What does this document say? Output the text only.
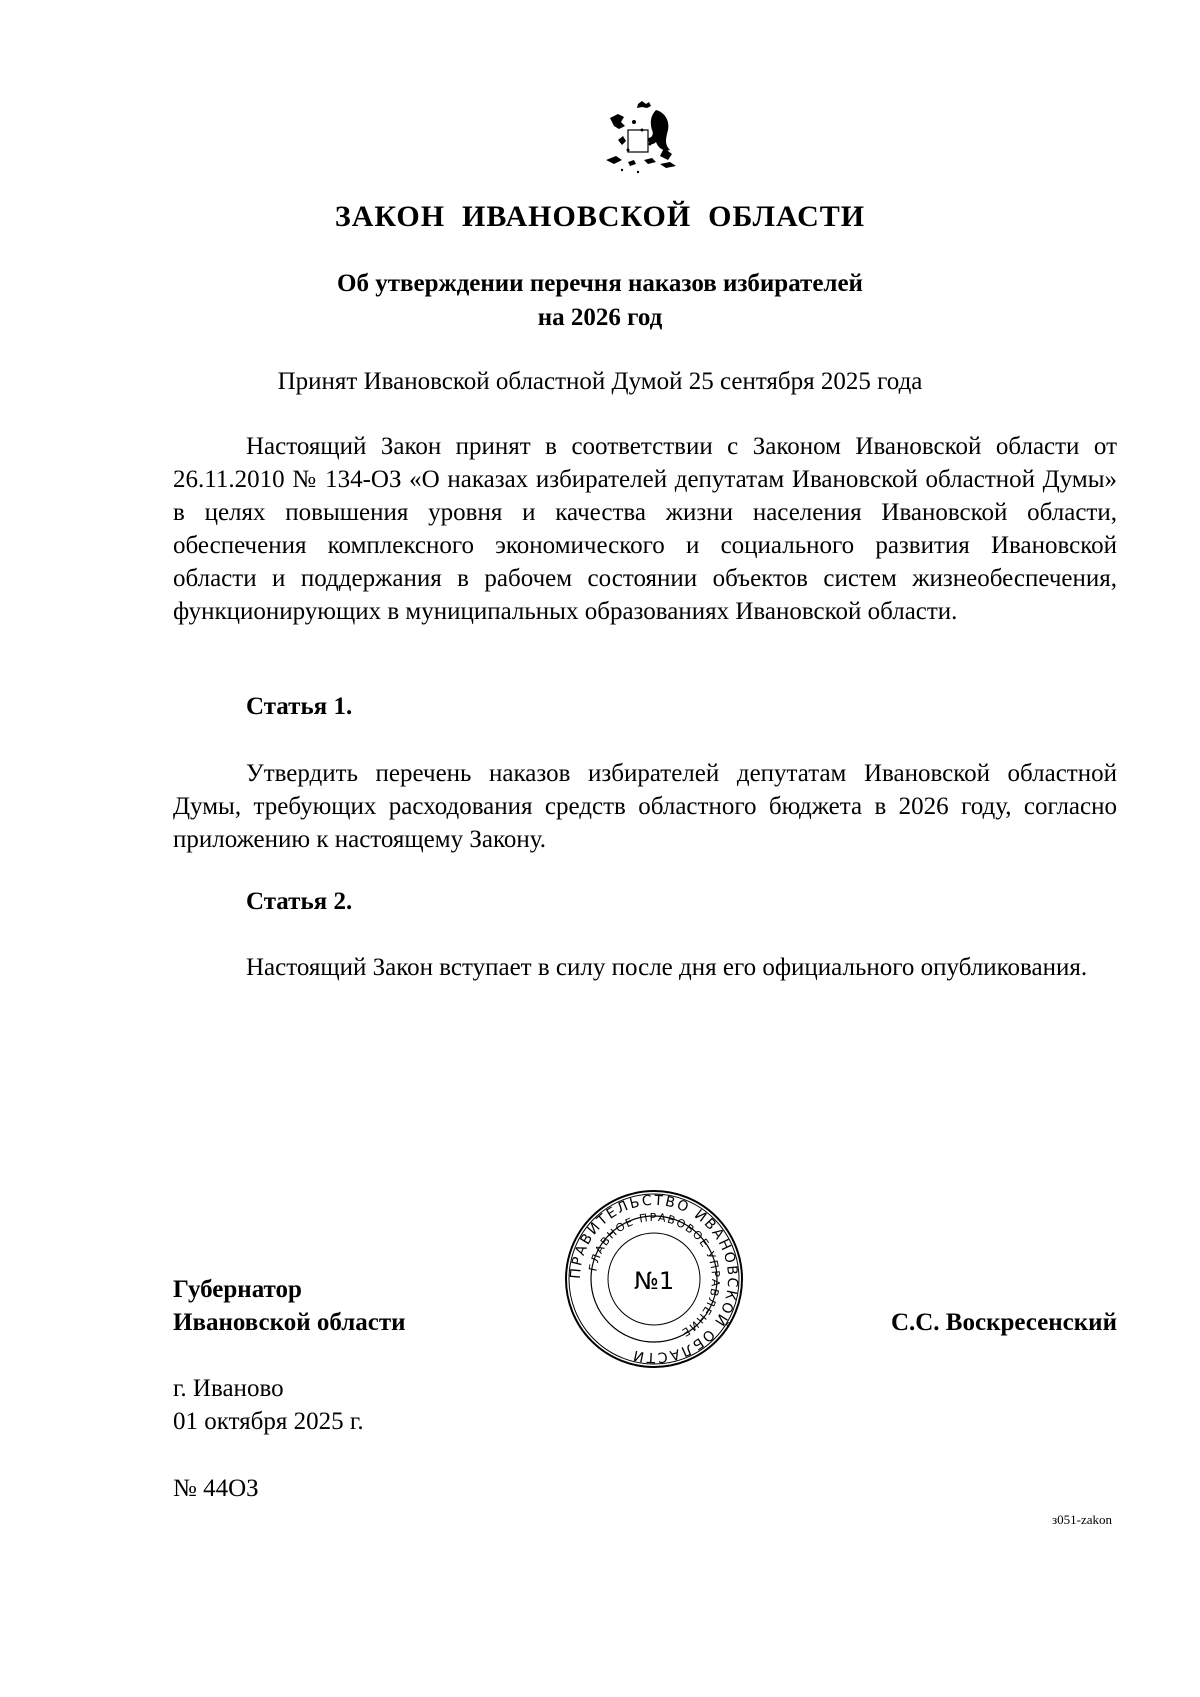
ЗАКОН  ИВАНОВСКОЙ  ОБЛАСТИ
Об утверждении перечня наказов избирателей
на 2026 год
Принят Ивановской областной Думой 25 сентября 2025 года
Настоящий Закон принят в соответствии с Законом Ивановской области от 26.11.2010 № 134-ОЗ «О наказах избирателей депутатам Ивановской областной Думы» в целях повышения уровня и качества жизни населения Ивановской области, обеспечения комплексного экономического и социального развития Ивановской области и поддержания в рабочем состоянии объектов систем жизнеобеспечения, функционирующих в муниципальных образованиях Ивановской области.
Статья 1.
Утвердить перечень наказов избирателей депутатам Ивановской областной Думы, требующих расходования средств областного бюджета в 2026 году, согласно приложению к настоящему Закону.
Статья 2.
Настоящий Закон вступает в силу после дня его официального опубликования.
Губернатор
Ивановской области
ПРАВИТЕЛЬСТВО ИВАНОВСКОЙ ОБЛАСТИ
ГЛАВНОЕ ПРАВОВОЕ УПРАВЛЕНИЕ
№1
С.С. Воскресенский
г. Иваново
01 октября 2025 г.
№ 44ОЗ
з051-zakon
